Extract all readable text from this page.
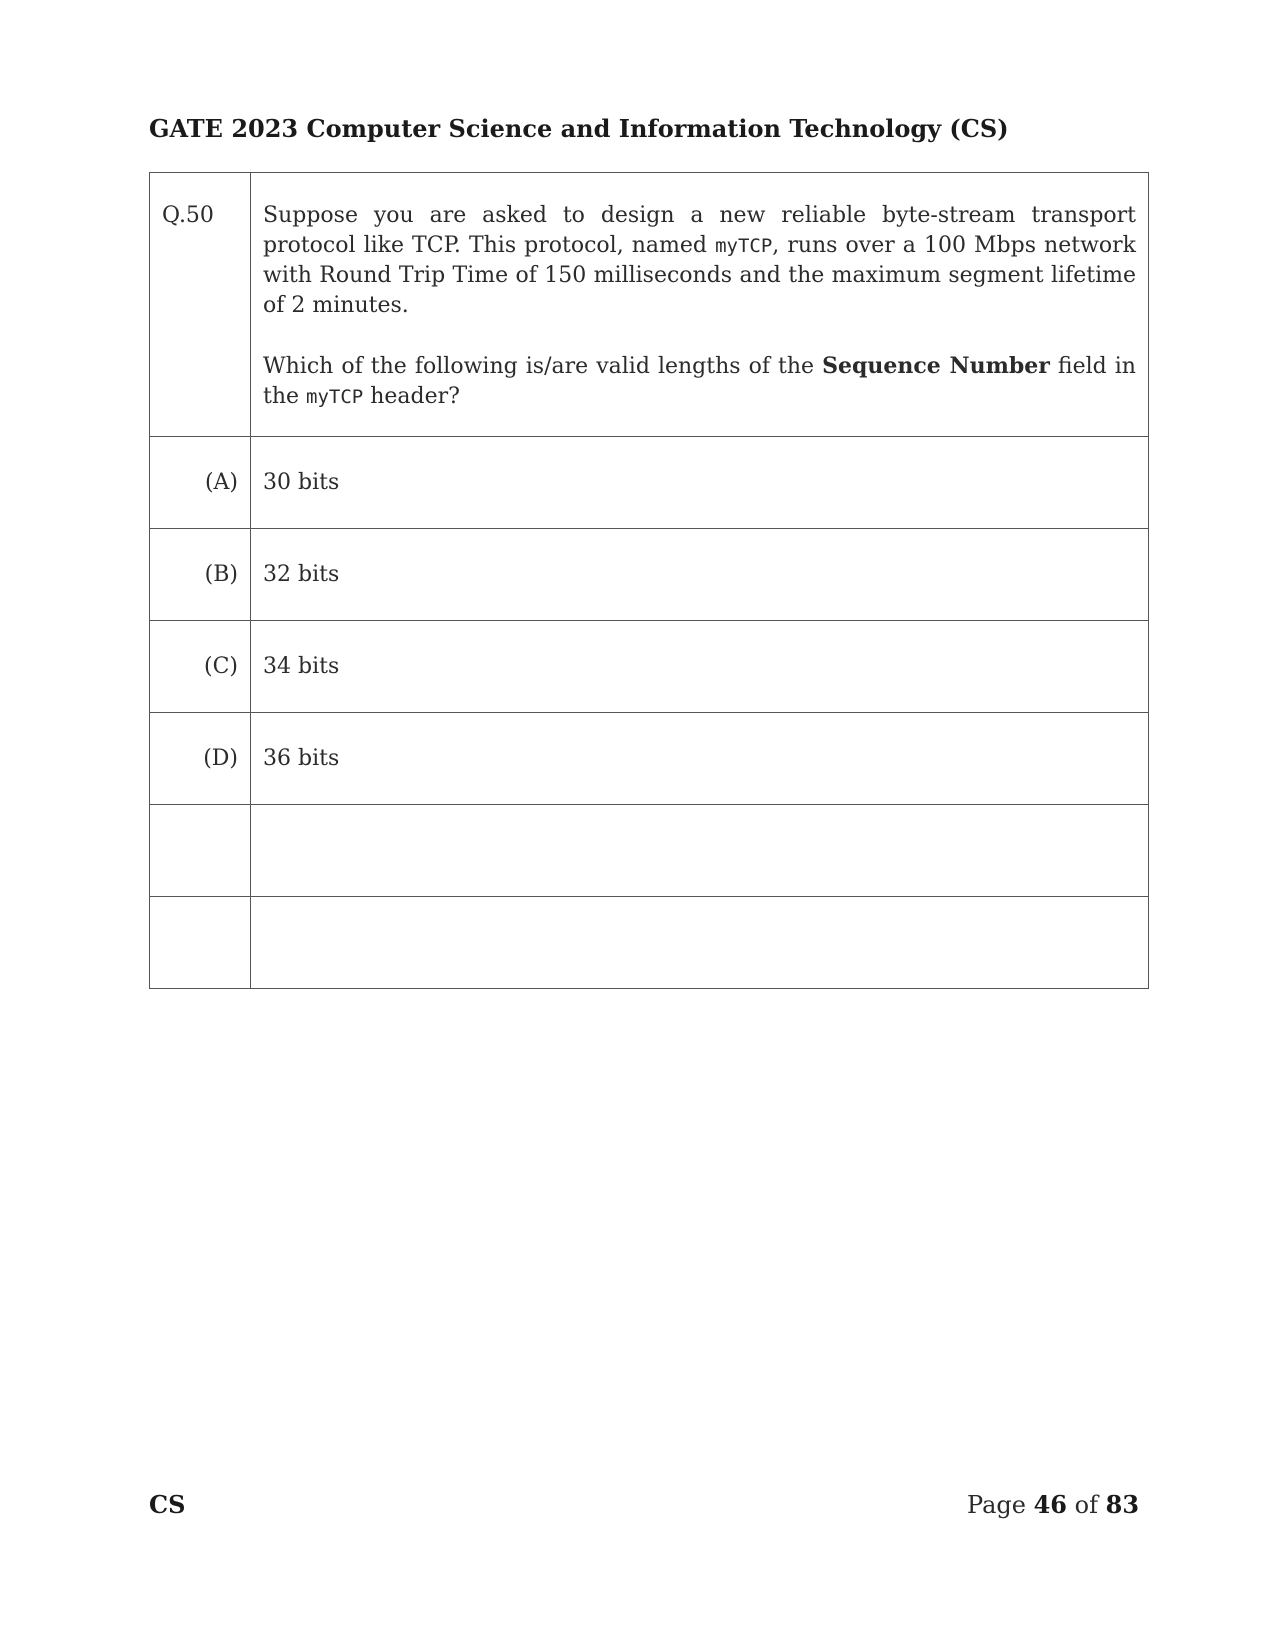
GATE 2023 Computer Science and Information Technology (CS)
Q.50	Suppose you are asked to design a new reliable byte-stream transport protocol like TCP. This protocol, named myTCP, runs over a 100 Mbps network with Round Trip Time of 150 milliseconds and the maximum segment lifetime of 2 minutes.

Which of the following is/are valid lengths of the Sequence Number field in the myTCP header?

(A)	30 bits
(B)	32 bits
(C)	34 bits
(D)	36 bits

CS	Page 46 of 83
